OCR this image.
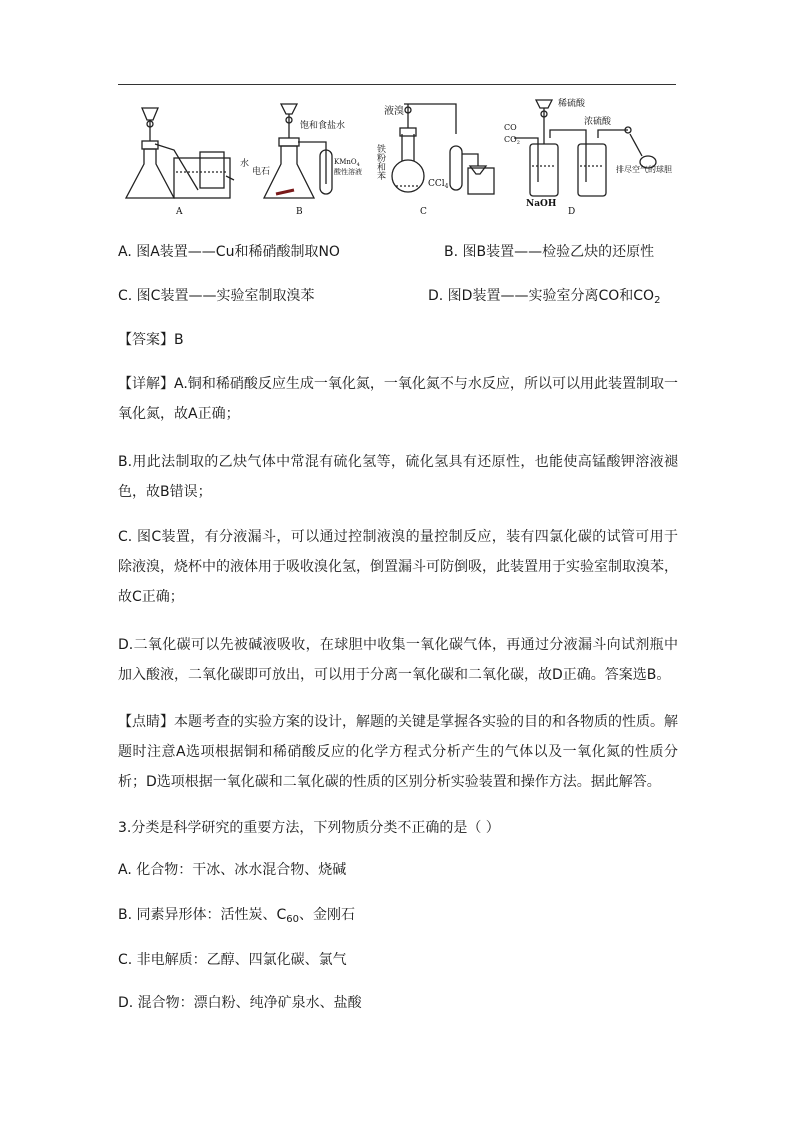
水
A
饱和食盐水
电石
KMnO$_4$
酸性溶液
B
液溴
铁粉和苯
CCl$_4$
C
稀硫酸
浓硫酸
CO
$CO_2$
NaOH
排尽空气的球胆
D
A. 图A装置——Cu和稀硝酸制取NO	B. 图B装置——检验乙炔的还原性
C. 图C装置——实验室制取溴苯	D. 图D装置——实验室分离CO和$CO_2$
【答案】B
【详解】A.铜和稀硝酸反应生成一氧化氮，一氧化氮不与水反应，所以可以用此装置制取一氧化氮，故A正确；
B.用此法制取的乙炔气体中常混有硫化氢等，硫化氢具有还原性，也能使高锰酸钾溶液褪色，故B错误；
C. 图C装置，有分液漏斗，可以通过控制液溴的量控制反应，装有四氯化碳的试管可用于除液溴，烧杯中的液体用于吸收溴化氢，倒置漏斗可防倒吸，此装置用于实验室制取溴苯，故C正确；
D.二氧化碳可以先被碱液吸收，在球胆中收集一氧化碳气体，再通过分液漏斗向试剂瓶中加入酸液，二氧化碳即可放出，可以用于分离一氧化碳和二氧化碳，故D正确。答案选B。
【点睛】本题考查的实验方案的设计，解题的关键是掌握各实验的目的和各物质的性质。解题时注意A选项根据铜和稀硝酸反应的化学方程式分析产生的气体以及一氧化氮的性质分析；D选项根据一氧化碳和二氧化碳的性质的区别分析实验装置和操作方法。据此解答。
3.分类是科学研究的重要方法，下列物质分类不正确的是（ ）
A. 化合物：干冰、冰水混合物、烧碱
B. 同素异形体：活性炭、$C_{60}$、金刚石
C. 非电解质：乙醇、四氯化碳、氯气
D. 混合物：漂白粉、纯净矿泉水、盐酸
